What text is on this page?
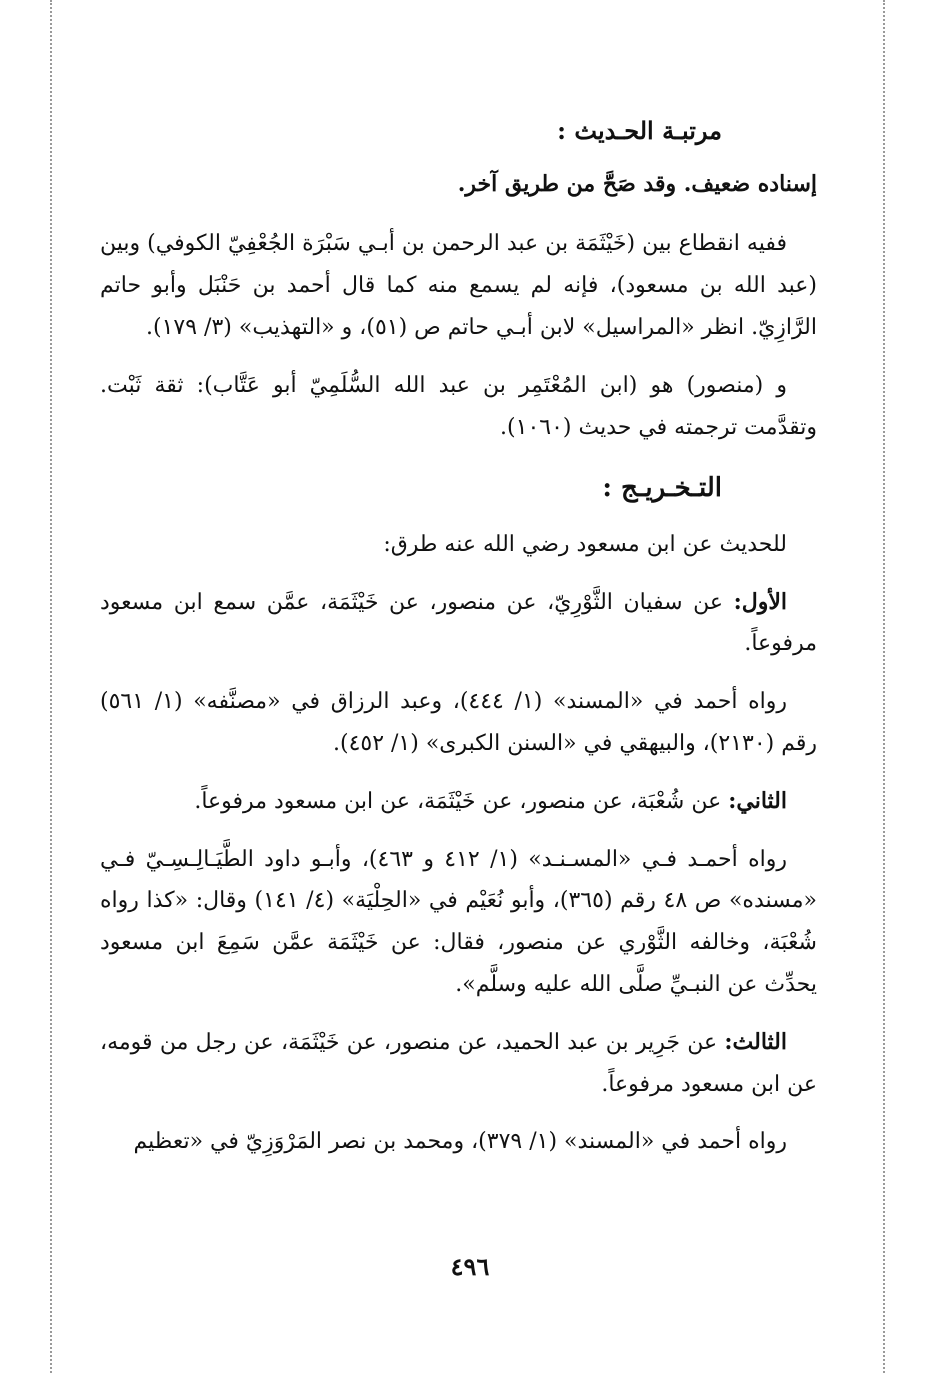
مرتبـة الحـديث :
إسناده ضعيف. وقد صَحَّ من طريق آخر.

ففيه انقطاع بين (خَيْثَمَة بن عبد الرحمن بن أبـي سَبْرَة الجُعْفِيّ الكوفي) وبين (عبد الله بن مسعود)، فإنه لم يسمع منه كما قال أحمد بن حَنْبَل وأبو حاتم الرَّازِيّ. انظر «المراسيل» لابن أبـي حاتم ص (٥١)، و «التهذيب» (٣/ ١٧٩).

و (منصور) هو (ابن المُعْتَمِر بن عبد الله السُّلَمِيّ أبو عَتَّاب): ثقة ثَبْت. وتقدَّمت ترجمته في حديث (١٠٦٠).

التـخـريـج :

للحديث عن ابن مسعود رضي الله عنه طرق:

الأول: عن سفيان الثَّوْرِيّ، عن منصور، عن خَيْثَمَة، عمَّن سمع ابن مسعود مرفوعاً.

رواه أحمد في «المسند» (١/ ٤٤٤)، وعبد الرزاق في «مصنَّفه» (١/ ٥٦١) رقم (٢١٣٠)، والبيهقي في «السنن الكبرى» (١/ ٤٥٢).

الثاني: عن شُعْبَة، عن منصور، عن خَيْثَمَة، عن ابن مسعود مرفوعاً.

رواه أحمـد فـي «المسـنـد» (١/ ٤١٢ و ٤٦٣)، وأبـو داود الطَّيَـالِـسِـيّ فـي «مسنده» ص ٤٨ رقم (٣٦٥)، وأبو نُعَيْم في «الحِلْيَة» (٤/ ١٤١) وقال: «كذا رواه شُعْبَة، وخالفه الثَّوْري عن منصور، فقال: عن خَيْثَمَة عمَّن سَمِعَ ابن مسعود يحدِّث عن النبـيِّ صلَّى الله عليه وسلَّم».

الثالث: عن جَرِير بن عبد الحميد، عن منصور، عن خَيْثَمَة، عن رجل من قومه، عن ابن مسعود مرفوعاً.

رواه أحمد في «المسند» (١/ ٣٧٩)، ومحمد بن نصر المَرْوَزِيّ في «تعظيم

٤٩٦
